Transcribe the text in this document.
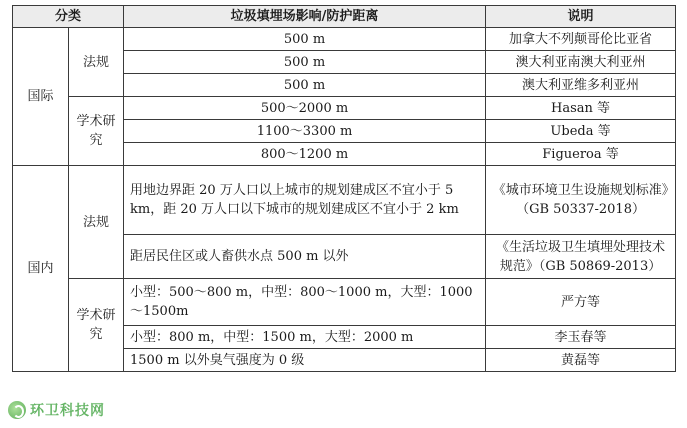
分类		垃圾填埋场影响/防护距离	说明
国际	法规	500 m	加拿大不列颠哥伦比亚省
		500 m	澳大利亚南澳大利亚州
		500 m	澳大利亚维多利亚州
	学术研究	500～2000 m	Hasan 等
		1100～3300 m	Ubeda 等
		800～1200 m	Figueroa 等
国内	法规	用地边界距 20 万人口以上城市的规划建成区不宜小于 5 km，距 20 万人口以下城市的规划建成区不宜小于 2 km	《城市环境卫生设施规划标准》（GB 50337-2018）
		距居民住区或人畜供水点 500 m 以外	《生活垃圾卫生填埋处理技术规范》（GB 50869-2013）
	学术研究	小型：500～800 m，中型：800～1000 m，大型：1000～1500m	严方等
		小型：800 m，中型：1500 m，大型：2000 m	李玉春等
		1500 m 以外臭气强度为 0 级	黄磊等
环卫科技网
